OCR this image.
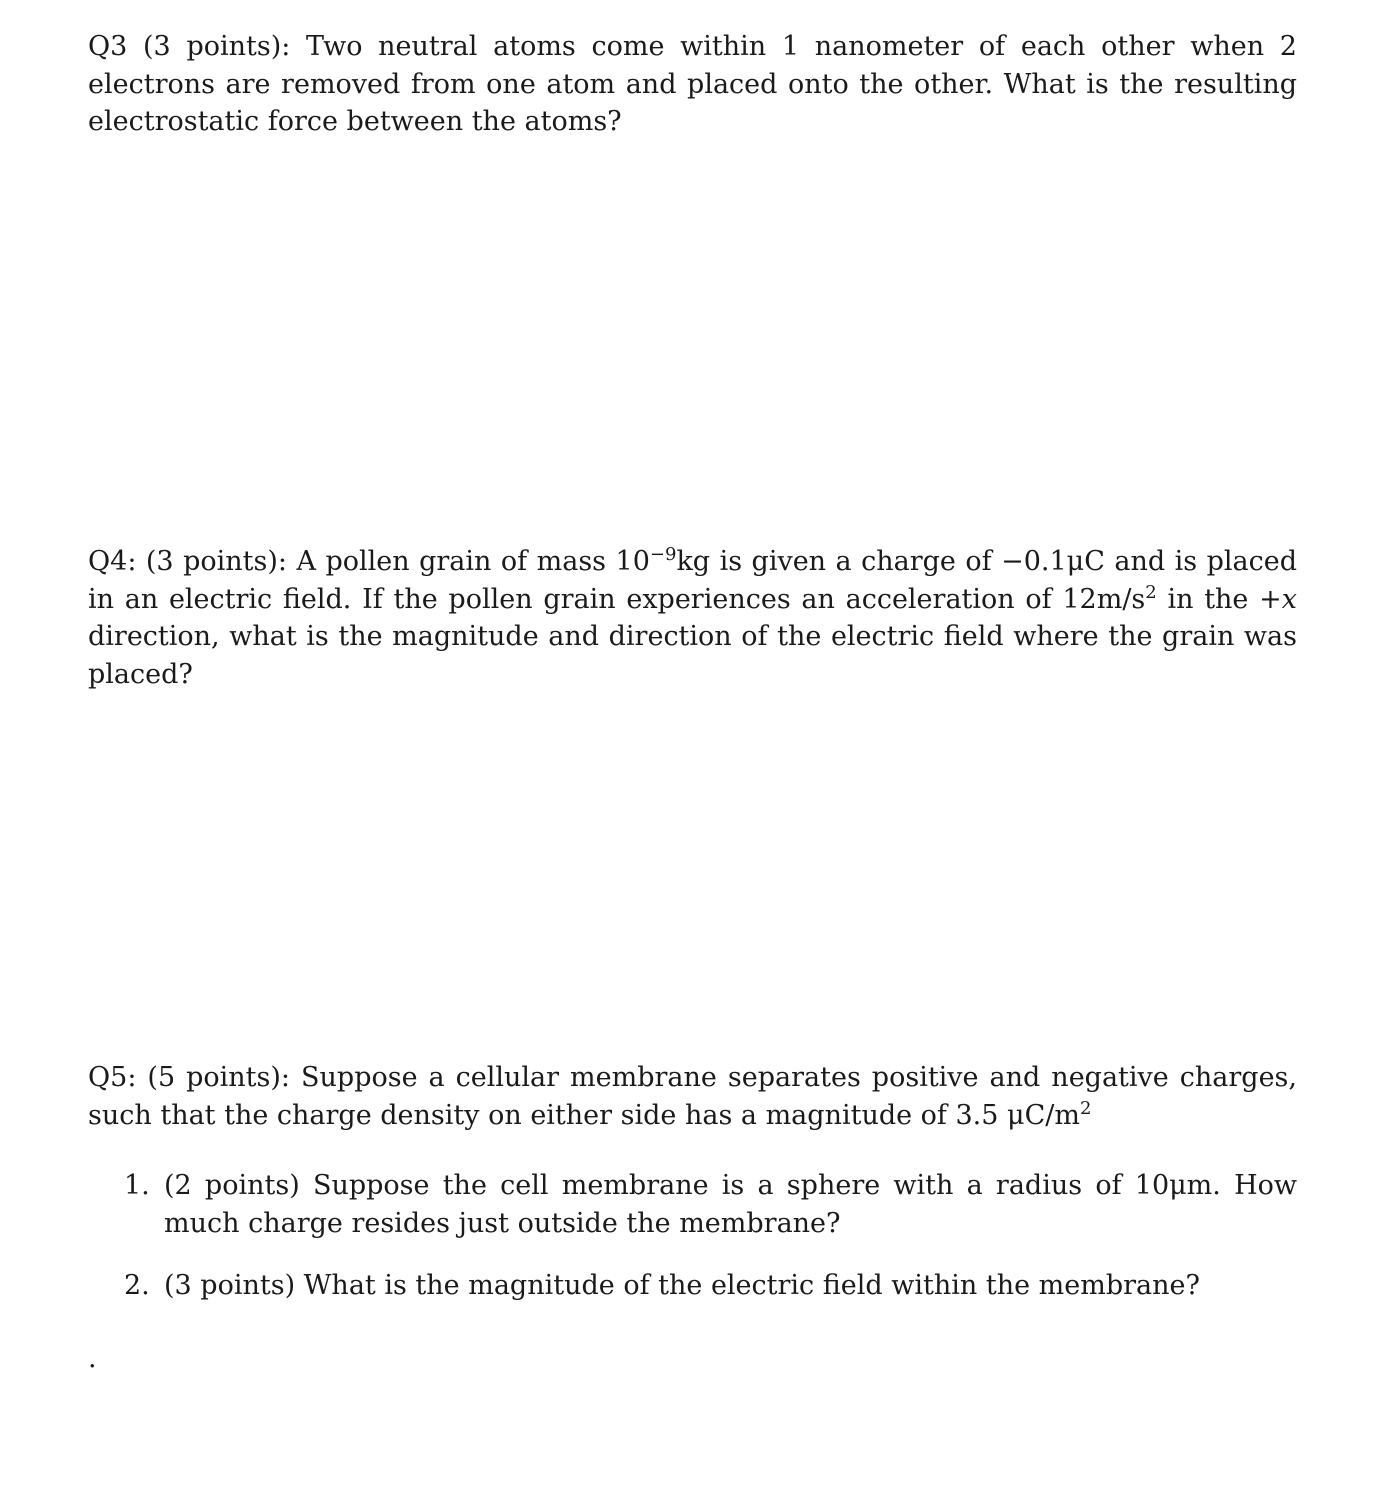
Q3 (3 points): Two neutral atoms come within 1 nanometer of each other when 2 electrons are removed from one atom and placed onto the other. What is the resulting electrostatic force between the atoms?

Q4: (3 points): A pollen grain of mass $10^{-9}kg$ is given a charge of −0.1μC and is placed in an electric field. If the pollen grain experiences an acceleration of $12m/s^2$ in the +x direction, what is the magnitude and direction of the electric field where the grain was placed?

Q5: (5 points): Suppose a cellular membrane separates positive and negative charges, such that the charge density on either side has a magnitude of 3.5 $\mu C/m^2$

1. (2 points) Suppose the cell membrane is a sphere with a radius of 10μm. How much charge resides just outside the membrane?
2. (3 points) What is the magnitude of the electric field within the membrane?
.
